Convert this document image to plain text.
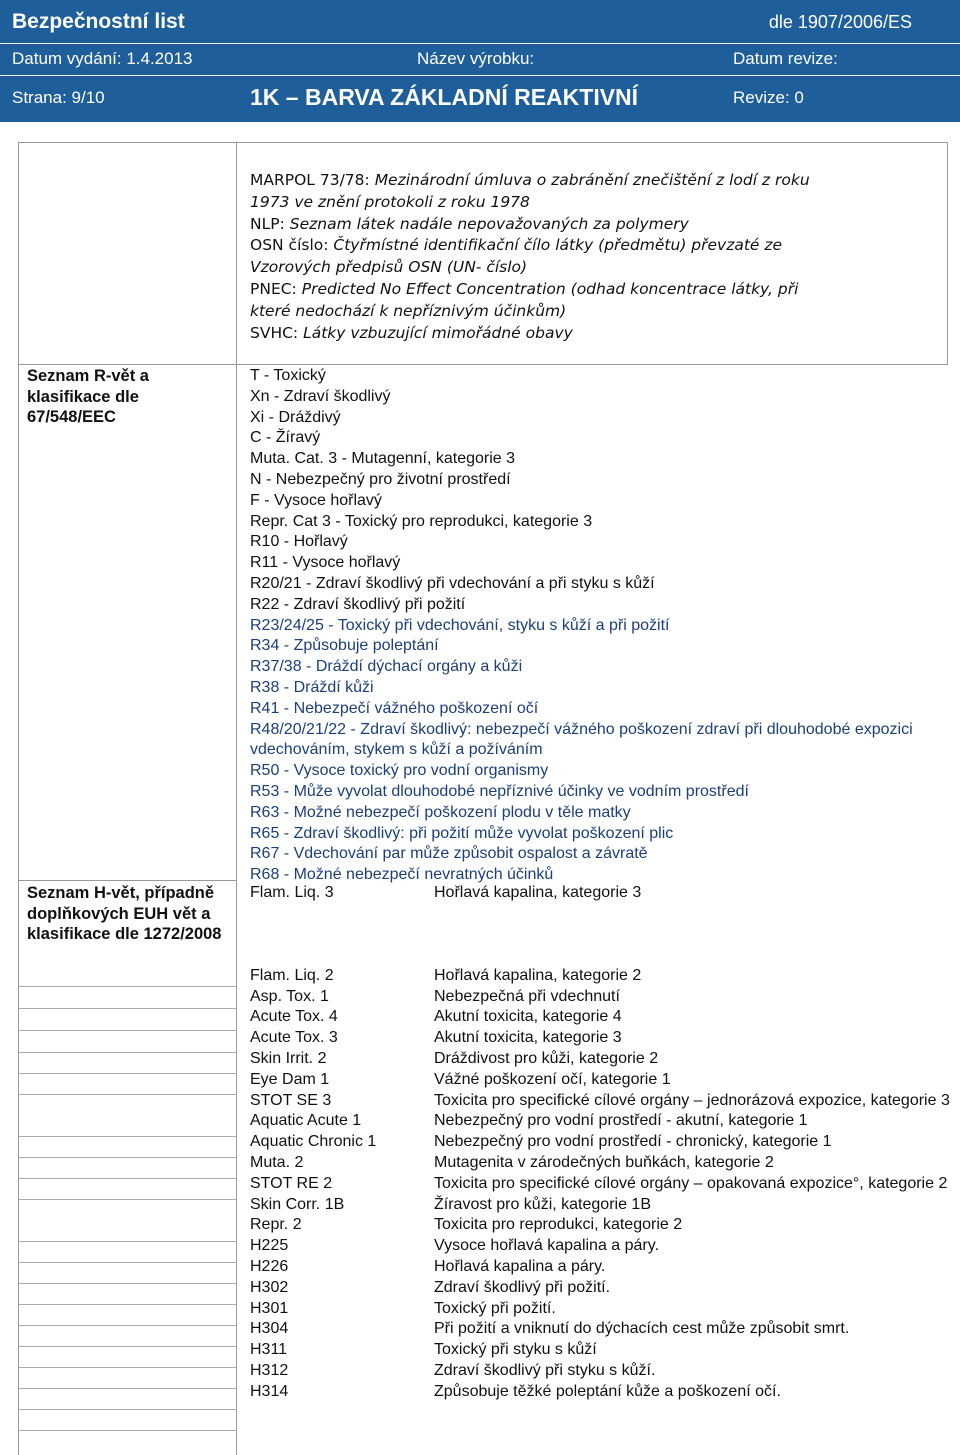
Bezpečnostní list	dle 1907/2006/ES
Datum vydání: 1.4.2013	Název výrobku:	Datum revize:
Strana: 9/10	1K – BARVA ZÁKLADNÍ REAKTIVNÍ	Revize: 0
MARPOL 73/78: Mezinárodní úmluva o zabránění znečištění z lodí z roku
1973 ve znění protokoli z roku 1978
NLP: Seznam látek nadále nepovažovaných za polymery
OSN číslo: Čtyřmístné identifikační čílo látky (předmětu) převzaté ze
Vzorových předpisů OSN (UN- číslo)
PNEC: Predicted No Effect Concentration (odhad koncentrace látky, při
které nedochází k nepříznivým účinkům)
SVHC: Látky vzbuzující mimořádné obavy
Seznam R-vět a klasifikace dle 67/548/EEC
T - Toxický
Xn - Zdraví škodlivý
Xi - Dráždivý
C - Žíravý
Muta. Cat. 3 - Mutagenní, kategorie 3
N - Nebezpečný pro životní prostředí
F - Vysoce hořlavý
Repr. Cat 3 - Toxický pro reprodukci, kategorie 3
R10 - Hořlavý
R11 - Vysoce hořlavý
R20/21 - Zdraví škodlivý při vdechování a při styku s kůží
R22 - Zdraví škodlivý při požití
R23/24/25 - Toxický při vdechování, styku s kůží a při požití
R34 - Způsobuje poleptání
R37/38 - Dráždí dýchací orgány a kůži
R38 - Dráždí kůži
R41 - Nebezpečí vážného poškození očí
R48/20/21/22 - Zdraví škodlivý: nebezpečí vážného poškození zdraví při dlouhodobé expozici vdechováním, stykem s kůží a požíváním
R50 - Vysoce toxický pro vodní organismy
R53 - Může vyvolat dlouhodobé nepříznivé účinky ve vodním prostředí
R63 - Možné nebezpečí poškození plodu v těle matky
R65 - Zdraví škodlivý: při požití může vyvolat poškození plic
R67 - Vdechování par může způsobit ospalost a závratě
R68 - Možné nebezpečí nevratných účinků
Seznam H-vět, případně doplňkových EUH vět a klasifikace dle 1272/2008
Flam. Liq. 3	Hořlavá kapalina, kategorie 3
Flam. Liq. 2	Hořlavá kapalina, kategorie 2
Asp. Tox. 1	Nebezpečná při vdechnutí
Acute Tox. 4	Akutní toxicita, kategorie 4
Acute Tox. 3	Akutní toxicita, kategorie 3
Skin Irrit. 2	Dráždivost pro kůži, kategorie 2
Eye Dam 1	Vážné poškození očí, kategorie 1
STOT SE 3	Toxicita pro specifické cílové orgány – jednorázová expozice, kategorie 3
Aquatic Acute 1	Nebezpečný pro vodní prostředí - akutní, kategorie 1
Aquatic Chronic 1	Nebezpečný pro vodní prostředí - chronický, kategorie 1
Muta. 2	Mutagenita v zárodečných buňkách, kategorie 2
STOT RE 2	Toxicita pro specifické cílové orgány – opakovaná expozice°, kategorie 2
Skin Corr. 1B	Žíravost pro kůži, kategorie 1B
Repr. 2	Toxicita pro reprodukci, kategorie 2
H225	Vysoce hořlavá kapalina a páry.
H226	Hořlavá kapalina a páry.
H302	Zdraví škodlivý při požití.
H301	Toxický při požití.
H304	Při požití a vniknutí do dýchacích cest může způsobit smrt.
H311	Toxický při styku s kůží
H312	Zdraví škodlivý při styku s kůží.
H314	Způsobuje těžké poleptání kůže a poškození očí.
